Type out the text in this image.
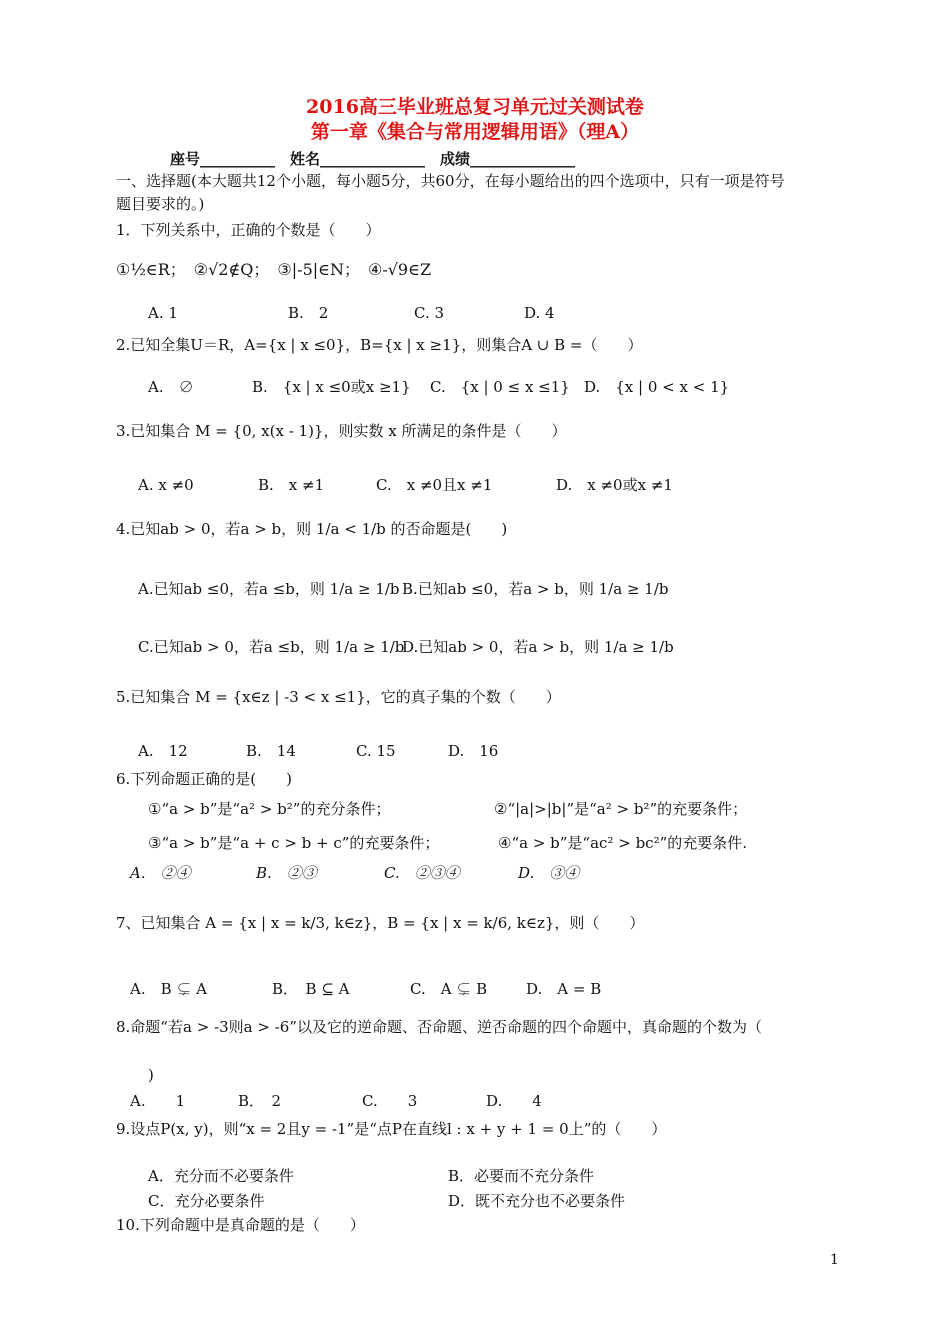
2016高三毕业班总复习单元过关测试卷
第一章《集合与常用逻辑用语》（理A）
座号__________　姓名______________　成绩______________
一、选择题(本大题共12个小题，每小题5分，共60分，在每小题给出的四个选项中，只有一项是符号
题目要求的。)
1．下列关系中，正确的个数是（　　）
①½∈R；　②√2∉Q；　③|-5|∈N；　④-√9∈Z
A. 1	B.　2	C. 3	D. 4
2.已知全集U＝R，A={x | x ≤0}，B={x | x ≥1}，则集合A ∪ B =（　　）
A.　∅	B.　{x | x ≤0或x ≥1} C.　{x | 0 ≤ x ≤1} D.　{x | 0 < x < 1}
3.已知集合 M = {0, x(x - 1)}，则实数 x 所满足的条件是（　　）
A. x ≠0	B.　x ≠1	C.　x ≠0且x ≠1	D.　x ≠0或x ≠1
4.已知ab > 0，若a > b，则 1/a < 1/b 的否命题是(　　)
A.已知ab ≤0，若a ≤b，则 1/a ≥ 1/b B.已知ab ≤0，若a > b，则 1/a ≥ 1/b
C.已知ab > 0，若a ≤b，则 1/a ≥ 1/b
D.已知ab > 0，若a > b，则 1/a ≥ 1/b
5.已知集合 M = {x∈z | -3 < x ≤1}，它的真子集的个数（　　）
A.　12	B.　14	C. 15	D.　16
6.下列命题正确的是(　　)
①“a > b”是“a² > b²”的充分条件；	②“|a|>|b|”是“a² > b²”的充要条件；
③“a > b”是“a + c > b + c”的充要条件；	④“a > b”是“ac² > bc²”的充要条件.
A.　②④	B.　②③	C.　②③④	D.　③④
7、已知集合 A = {x | x = k/3, k∈z}，B = {x | x = k/6, k∈z}，则（　　）
A.　B ⊊ A	B．　B ⊆ A	C.　A ⊊ B	D.　A = B
8.命题“若a > -3则a > -6”以及它的逆命题、否命题、逆否命题的四个命题中，真命题的个数为（
)
A.　　1	B．　2	C.　　3	D.　　4
9.设点P(x, y)，则“x = 2且y = -1”是“点P在直线l : x + y + 1 = 0上”的（　　）
A．充分而不必要条件	B．必要而不充分条件
C．充分必要条件	D．既不充分也不必要条件
10.下列命题中是真命题的是（　　）
1
